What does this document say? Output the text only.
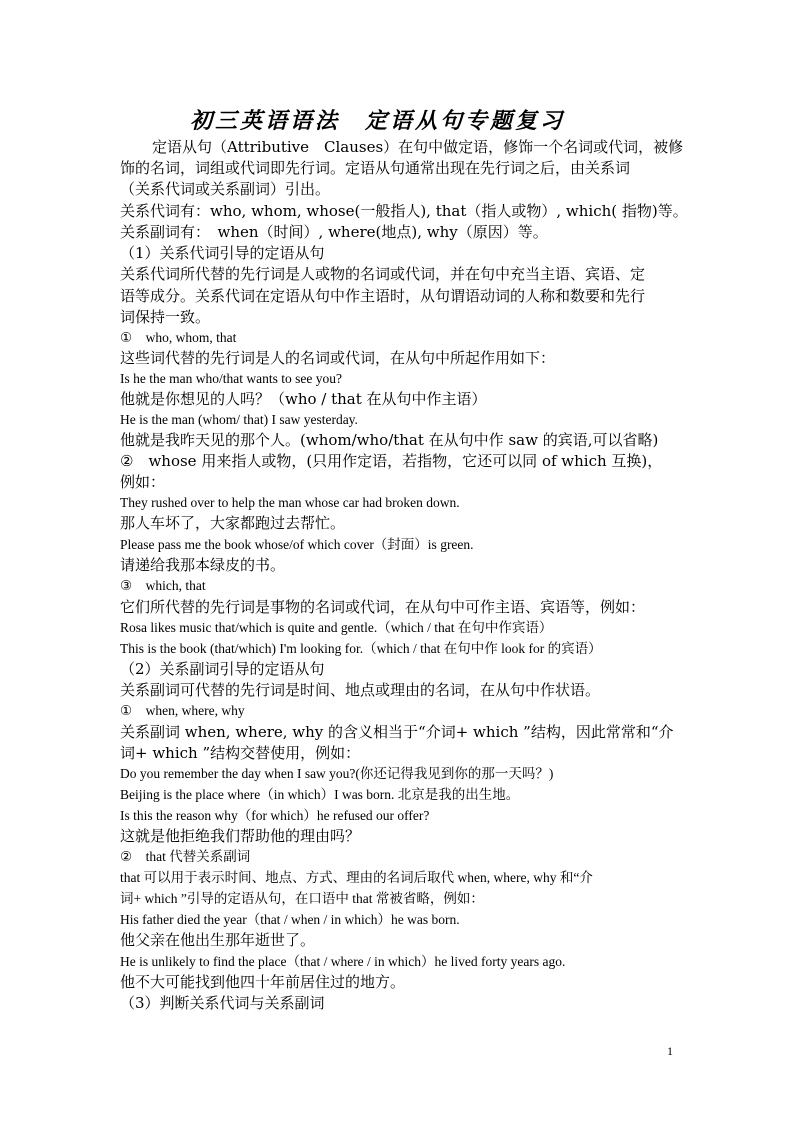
初三英语语法　定语从句专题复习
定语从句（Attributive　Clauses）在句中做定语，修饰一个名词或代词，被修
饰的名词，词组或代词即先行词。定语从句通常出现在先行词之后，由关系词
（关系代词或关系副词）引出。
关系代词有：who, whom, whose(一般指人), that（指人或物）, which( 指物)等。
关系副词有：　when（时间）, where(地点), why（原因）等。
（1）关系代词引导的定语从句
关系代词所代替的先行词是人或物的名词或代词，并在句中充当主语、宾语、定
语等成分。关系代词在定语从句中作主语时，从句谓语动词的人称和数要和先行
词保持一致。
①　who, whom, that
这些词代替的先行词是人的名词或代词，在从句中所起作用如下：
Is he the man who/that wants to see you?
他就是你想见的人吗？（who / that 在从句中作主语）
He is the man (whom/ that) I saw yesterday.
他就是我昨天见的那个人。(whom/who/that 在从句中作 saw 的宾语,可以省略)
②　whose 用来指人或物，(只用作定语，若指物，它还可以同 of which 互换)，
例如：
They rushed over to help the man whose car had broken down.
那人车坏了，大家都跑过去帮忙。
Please pass me the book whose/of which cover（封面）is green.
请递给我那本绿皮的书。
③　which, that
它们所代替的先行词是事物的名词或代词，在从句中可作主语、宾语等，例如：
Rosa likes music that/which is quite and gentle.（which / that 在句中作宾语）
This is the book (that/which) I'm looking for.（which / that 在句中作 look for 的宾语）
（2）关系副词引导的定语从句
关系副词可代替的先行词是时间、地点或理由的名词，在从句中作状语。
①　when, where, why
关系副词 when, where, why 的含义相当于“介词+ which ”结构，因此常常和“介
词+ which ”结构交替使用，例如：
Do you remember the day when I saw you?(你还记得我见到你的那一天吗？)
Beijing is the place where（in which）I was born. 北京是我的出生地。
Is this the reason why（for which）he refused our offer?
这就是他拒绝我们帮助他的理由吗？
②　that 代替关系副词
that 可以用于表示时间、地点、方式、理由的名词后取代 when, where, why 和“介
词+ which ”引导的定语从句，在口语中 that 常被省略，例如：
His father died the year（that / when / in which）he was born.
他父亲在他出生那年逝世了。
He is unlikely to find the place（that / where / in which）he lived forty years ago.
他不大可能找到他四十年前居住过的地方。
（3）判断关系代词与关系副词
1
